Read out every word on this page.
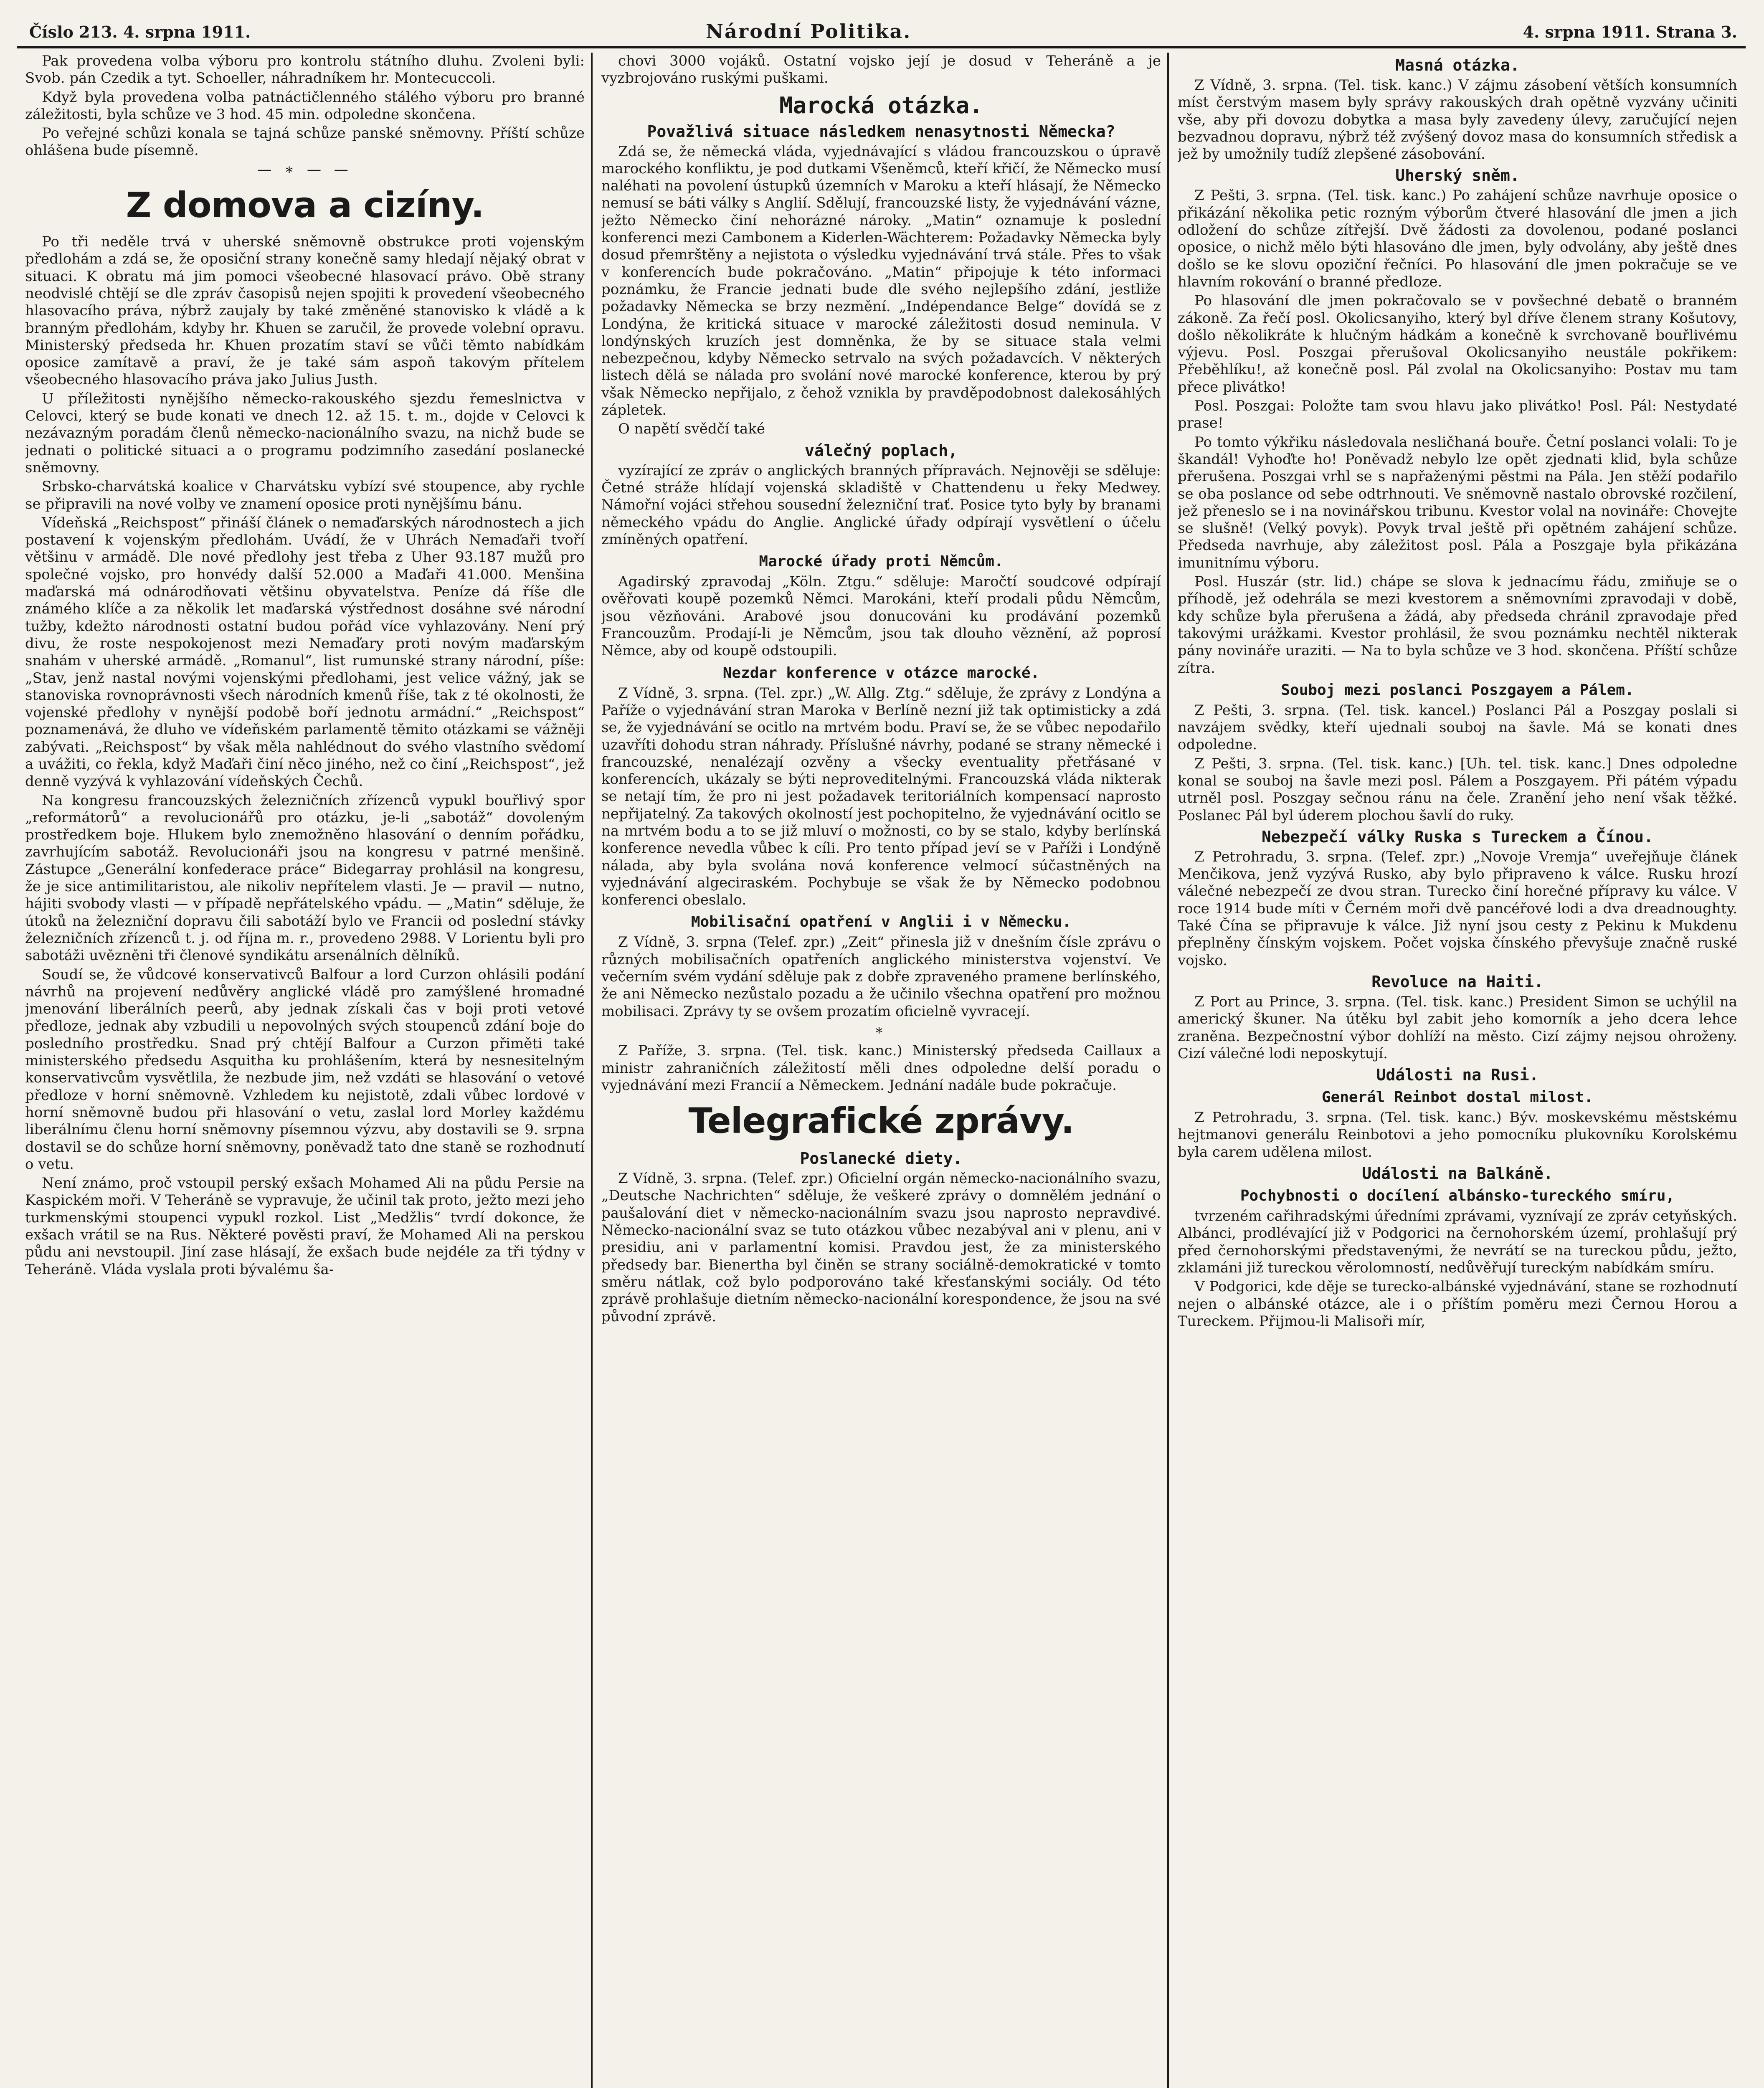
Číslo 213. 4. srpna 1911.	Národní Politika.	4. srpna 1911. Strana 3.

Pak provedena volba výboru pro kontrolu státního dluhu. Zvoleni byli: Svob. pán Czedik a tyt. Schoeller, náhradníkem hr. Montecuccoli.

Když byla provedena volba patnáctičlenného stálého výboru pro branné záležitosti, byla schůze ve 3 hod. 45 min. odpoledne skončena.

Po veřejné schůzi konala se tajná schůze panské sněmovny. Příští schůze ohlášena bude písemně.

— ∗ — —
Z domova a cizíny.

Po tři neděle trvá v uherské sněmovně obstrukce proti vojenským předlohám a zdá se, že oposiční strany konečně samy hledají nějaký obrat v situaci. K obratu má jim pomoci všeobecné hlasovací právo. Obě strany neodvislé chtějí se dle zpráv časopisů nejen spojiti k provedení všeobecného hlasovacího práva, nýbrž zaujaly by také změněné stanovisko k vládě a k branným předlohám, kdyby hr. Khuen se zaručil, že provede volební opravu. Ministerský předseda hr. Khuen prozatím staví se vůči těmto nabídkám oposice zamítavě a praví, že je také sám aspoň takovým přítelem všeobecného hlasovacího práva jako Julius Justh.

U příležitosti nynějšího německo-rakouského sjezdu řemeslnictva v Celovci, který se bude konati ve dnech 12. až 15. t. m., dojde v Celovci k nezávazným poradám členů německo-nacionálního svazu, na nichž bude se jednati o politické situaci a o programu podzimního zasedání poslanecké sněmovny.

Srbsko-charvátská koalice v Charvátsku vybízí své stoupence, aby rychle se připravili na nové volby ve znamení oposice proti nynějšímu bánu.

Vídeňská „Reichspost“ přináší článek o nemaďarských národnostech a jich postavení k vojenským předlohám. Uvádí, že v Uhrách Nemaďaři tvoří většinu v armádě. Dle nové předlohy jest třeba z Uher 93.187 mužů pro společné vojsko, pro honvédy další 52.000 a Maďaři 41.000. Menšina maďarská má odnárodňovati většinu obyvatelstva. Peníze dá říše dle známého klíče a za několik let maďarská výstřednost dosáhne své národní tužby, kdežto národnosti ostatní budou pořád více vyhlazovány. Není prý divu, že roste nespokojenost mezi Nemaďary proti novým maďarským snahám v uherské armádě. „Romanul“, list rumunské strany národní, píše: „Stav, jenž nastal novými vojenskými předlohami, jest velice vážný, jak se stanoviska rovnoprávnosti všech národních kmenů říše, tak z té okolnosti, že vojenské předlohy v nynější podobě boří jednotu armádní.“ „Reichspost“ poznamenává, že dluho ve vídeňském parlamentě těmito otázkami se vážněji zabývati. „Reichspost“ by však měla nahlédnout do svého vlastního svědomí a uvážiti, co řekla, když Maďaři činí něco jiného, než co činí „Reichspost“, jež denně vyzývá k vyhlazování vídeňských Čechů.

Na kongresu francouzských železničních zřízenců vypukl bouřlivý spor „reformátorů“ a revolucionářů pro otázku, je-li „sabotáž“ dovoleným prostředkem boje. Hlukem bylo znemožněno hlasování o denním pořádku, zavrhujícím sabotáž. Revolucionáři jsou na kongresu v patrné menšině. Zástupce „Generální konfederace práce“ Bidegarray prohlásil na kongresu, že je sice antimilitaristou, ale nikoliv nepřítelem vlasti. Je — pravil — nutno, hájiti svobody vlasti — v případě nepřátelského vpádu. — „Matin“ sděluje, že útoků na železniční dopravu čili sabotáží bylo ve Francii od poslední stávky železničních zřízenců t. j. od října m. r., provedeno 2988. V Lorientu byli pro sabotáži uvězněni tři členové syndikátu arsenálních dělníků.

Soudí se, že vůdcové konservativců Balfour a lord Curzon ohlásili podání návrhů na projevení nedůvěry anglické vládě pro zamýšlené hromadné jmenování liberálních peerů, aby jednak získali čas v boji proti vetové předloze, jednak aby vzbudili u nepovolných svých stoupenců zdání boje do posledního prostředku. Snad prý chtějí Balfour a Curzon přiměti také ministerského předsedu Asquitha ku prohlášením, která by nesnesitelným konservativcům vysvětlila, že nezbude jim, než vzdáti se hlasování o vetové předloze v horní sněmovně. Vzhledem ku nejistotě, zdali vůbec lordové v horní sněmovně budou při hlasování o vetu, zaslal lord Morley každému liberálnímu členu horní sněmovny písemnou výzvu, aby dostavili se 9. srpna dostavil se do schůze horní sněmovny, poněvadž tato dne staně se rozhodnutí o vetu.

Není známo, proč vstoupil perský exšach Mohamed Ali na půdu Persie na Kaspickém moři. V Teheráně se vypravuje, že učinil tak proto, ježto mezi jeho turkmenskými stoupenci vypukl rozkol. List „Medžlis“ tvrdí dokonce, že exšach vrátil se na Rus. Některé pověsti praví, že Mohamed Ali na perskou půdu ani nevstoupil. Jiní zase hlásají, že exšach bude nejdéle za tři týdny v Teheráně. Vláda vyslala proti bývalému ša-

chovi 3000 vojáků. Ostatní vojsko její je dosud v Teheráně a je vyzbrojováno ruskými puškami.

Marocká otázka.
Považlivá situace následkem nenasytnosti Německa?

Zdá se, že německá vláda, vyjednávající s vládou francouzskou o úpravě marockého konfliktu, je pod dutkami Všeněmců, kteří křičí, že Německo musí naléhati na povolení ústupků územních v Maroku a kteří hlásají, že Německo nemusí se báti války s Anglií. Sdělují, francouzské listy, že vyjednávání vázne, ježto Německo činí nehorázné nároky. „Matin“ oznamuje k poslední konferenci mezi Cambonem a Kiderlen-Wächterem: Požadavky Německa byly dosud přemrštěny a nejistota o výsledku vyjednávání trvá stále. Přes to však v konferencích bude pokračováno. „Matin“ připojuje k této informaci poznámku, že Francie jednati bude dle svého nejlepšího zdání, jestliže požadavky Německa se brzy nezmění. „Indépendance Belge“ dovídá se z Londýna, že kritická situace v marocké záležitosti dosud neminula. V londýnských kruzích jest domněnka, že by se situace stala velmi nebezpečnou, kdyby Německo setrvalo na svých požadavcích. V některých listech dělá se nálada pro svolání nové marocké konference, kterou by prý však Německo nepřijalo, z čehož vznikla by pravděpodobnost dalekosáhlých zápletek.

O napětí svědčí také

válečný poplach,

vyzírající ze zpráv o anglických branných přípravách. Nejnověji se sděluje: Četné stráže hlídají vojenská skladiště v Chattendenu u řeky Medwey. Námořní vojáci střehou sousední železniční trať. Posice tyto byly by branami německého vpádu do Anglie. Anglické úřady odpírají vysvětlení o účelu zmíněných opatření.

Marocké úřady proti Němcům.

Agadirský zpravodaj „Köln. Ztgu.“ sděluje: Maročtí soudcové odpírají ověřovati koupě pozemků Němci. Marokáni, kteří prodali půdu Němcům, jsou vězňováni. Arabové jsou donucováni ku prodávání pozemků Francouzům. Prodají-li je Němcům, jsou tak dlouho věznění, až poprosí Němce, aby od koupě odstoupili.

Nezdar konference v otázce marocké.

Z Vídně, 3. srpna. (Tel. zpr.) „W. Allg. Ztg.“ sděluje, že zprávy z Londýna a Paříže o vyjednávání stran Maroka v Berlíně nezní již tak optimisticky a zdá se, že vyjednávání se ocitlo na mrtvém bodu. Praví se, že se vůbec nepodařilo uzavříti dohodu stran náhrady. Příslušné návrhy, podané se strany německé i francouzské, nenalézají ozvěny a všecky eventuality přetřásané v konferencích, ukázaly se býti neproveditelnými. Francouzská vláda nikterak se netají tím, že pro ni jest požadavek teritoriálních kompensací naprosto nepřijatelný. Za takových okolností jest pochopitelno, že vyjednávání ocitlo se na mrtvém bodu a to se již mluví o možnosti, co by se stalo, kdyby berlínská konference nevedla vůbec k cíli. Pro tento případ jeví se v Paříži i Londýně nálada, aby byla svolána nová konference velmocí súčastněných na vyjednávání algeciraském. Pochybuje se však že by Německo podobnou konferenci obeslalo.

Mobilisační opatření v Anglii i v Německu.

Z Vídně, 3. srpna (Telef. zpr.) „Zeit“ přinesla již v dnešním čísle zprávu o různých mobilisačních opatřeních anglického ministerstva vojenství. Ve večerním svém vydání sděluje pak z dobře zpraveného pramene berlínského, že ani Německo nezůstalo pozadu a že učinilo všechna opatření pro možnou mobilisaci. Zprávy ty se ovšem prozatím oficielně vyvracejí.

∗

Z Paříže, 3. srpna. (Tel. tisk. kanc.) Ministerský předseda Caillaux a ministr zahraničních záležitostí měli dnes odpoledne delší poradu o vyjednávání mezi Francií a Německem. Jednání nadále bude pokračuje.

Telegrafické zprávy.
Poslanecké diety.

Z Vídně, 3. srpna. (Telef. zpr.) Oficielní orgán německo-nacionálního svazu, „Deutsche Nachrichten“ sděluje, že veškeré zprávy o domnělém jednání o paušalování diet v německo-nacionálním svazu jsou naprosto nepravdivé. Německo-nacionální svaz se tuto otázkou vůbec nezabýval ani v plenu, ani v presidiu, ani v parlamentní komisi. Pravdou jest, že za ministerského předsedy bar. Bienertha byl činěn se strany sociálně-demokratické v tomto směru nátlak, což bylo podporováno také křesťanskými sociály. Od této zprávě prohlašuje dietním německo-nacionální korespondence, že jsou na své původní zprávě.

Masná otázka.

Z Vídně, 3. srpna. (Tel. tisk. kanc.) V zájmu zásobení větších konsumních míst čerstvým masem byly správy rakouských drah opětně vyzvány učiniti vše, aby při dovozu dobytka a masa byly zavedeny úlevy, zaručující nejen bezvadnou dopravu, nýbrž též zvýšený dovoz masa do konsumních středisk a jež by umožnily tudíž zlepšené zásobování.

Uherský sněm.

Z Pešti, 3. srpna. (Tel. tisk. kanc.) Po zahájení schůze navrhuje oposice o přikázání několika petic rozným výborům čtveré hlasování dle jmen a jich odložení do schůze zítřejší. Dvě žádosti za dovolenou, podané poslanci oposice, o nichž mělo býti hlasováno dle jmen, byly odvolány, aby ještě dnes došlo se ke slovu opoziční řečníci. Po hlasování dle jmen pokračuje se ve hlavním rokování o branné předloze.

Po hlasování dle jmen pokračovalo se v povšechné debatě o branném zákoně. Za řečí posl. Okolicsanyiho, který byl dříve členem strany Košutovy, došlo několikráte k hlučným hádkám a konečně k svrchovaně bouřlivému výjevu. Posl. Poszgai přerušoval Okolicsanyiho neustále pokřikem: Přeběhlíku!, až konečně posl. Pál zvolal na Okolicsanyiho: Postav mu tam přece plivátko!

Posl. Poszgai: Položte tam svou hlavu jako plivátko! Posl. Pál: Nestydaté prase!

Po tomto výkřiku následovala nesličhaná bouře. Četní poslanci volali: To je škandál! Vyhoďte ho! Poněvadž nebylo lze opět zjednati klid, byla schůze přerušena. Poszgai vrhl se s napřaženými pěstmi na Pála. Jen stěží podařilo se oba poslance od sebe odtrhnouti. Ve sněmovně nastalo obrovské rozčilení, jež přeneslo se i na novinářskou tribunu. Kvestor volal na novináře: Chovejte se slušně! (Velký povyk). Povyk trval ještě při opětném zahájení schůze. Předseda navrhuje, aby záležitost posl. Pála a Poszgaje byla přikázána imunitnímu výboru.

Posl. Huszár (str. lid.) chápe se slova k jednacímu řádu, zmiňuje se o příhodě, jež odehrála se mezi kvestorem a sněmovními zpravodaji v době, kdy schůze byla přerušena a žádá, aby předseda chránil zpravodaje před takovými urážkami. Kvestor prohlásil, že svou poznámku nechtěl nikterak pány novináře uraziti. — Na to byla schůze ve 3 hod. skončena. Příští schůze zítra.

Souboj mezi poslanci Poszgayem a Pálem.

Z Pešti, 3. srpna. (Tel. tisk. kancel.) Poslanci Pál a Poszgay poslali si navzájem svědky, kteří ujednali souboj na šavle. Má se konati dnes odpoledne.

Z Pešti, 3. srpna. (Tel. tisk. kanc.) [Uh. tel. tisk. kanc.] Dnes odpoledne konal se souboj na šavle mezi posl. Pálem a Poszgayem. Při pátém výpadu utrněl posl. Poszgay sečnou ránu na čele. Zranění jeho není však těžké. Poslanec Pál byl úderem plochou šavlí do ruky.

Nebezpečí války Ruska s Tureckem a Čínou.

Z Petrohradu, 3. srpna. (Telef. zpr.) „Novoje Vremja“ uveřejňuje článek Menčikova, jenž vyzývá Rusko, aby bylo připraveno k válce. Rusku hrozí válečné nebezpečí ze dvou stran. Turecko činí horečné přípravy ku válce. V roce 1914 bude míti v Černém moři dvě pancéřové lodi a dva dreadnoughty. Také Čína se připravuje k válce. Již nyní jsou cesty z Pekinu k Mukdenu přeplněny čínským vojskem. Počet vojska čínského převyšuje značně ruské vojsko.

Revoluce na Haiti.

Z Port au Prince, 3. srpna. (Tel. tisk. kanc.) President Simon se uchýlil na americký škuner. Na útěku byl zabit jeho komorník a jeho dcera lehce zraněna. Bezpečnostní výbor dohlíží na město. Cizí zájmy nejsou ohroženy. Cizí válečné lodi neposkytují.

Události na Rusi.
Generál Reinbot dostal milost.

Z Petrohradu, 3. srpna. (Tel. tisk. kanc.) Býv. moskevskému městskému hejtmanovi generálu Reinbotovi a jeho pomocníku plukovníku Korolskému byla carem udělena milost.

Události na Balkáně.
Pochybnosti o docílení albánsko-tureckého smíru,

tvrzeném cařihradskými úředními zprávami, vyznívají ze zpráv cetyňských. Albánci, prodlévající již v Podgorici na černohorském území, prohlašují prý před černohorskými představenými, že nevrátí se na tureckou půdu, ježto, zklamáni již tureckou věrolomností, nedůvěřují tureckým nabídkám smíru.

V Podgorici, kde děje se turecko-albánské vyjednávání, stane se rozhodnutí nejen o albánské otázce, ale i o příštím poměru mezi Černou Horou a Tureckem. Přijmou-li Malisoři mír,
